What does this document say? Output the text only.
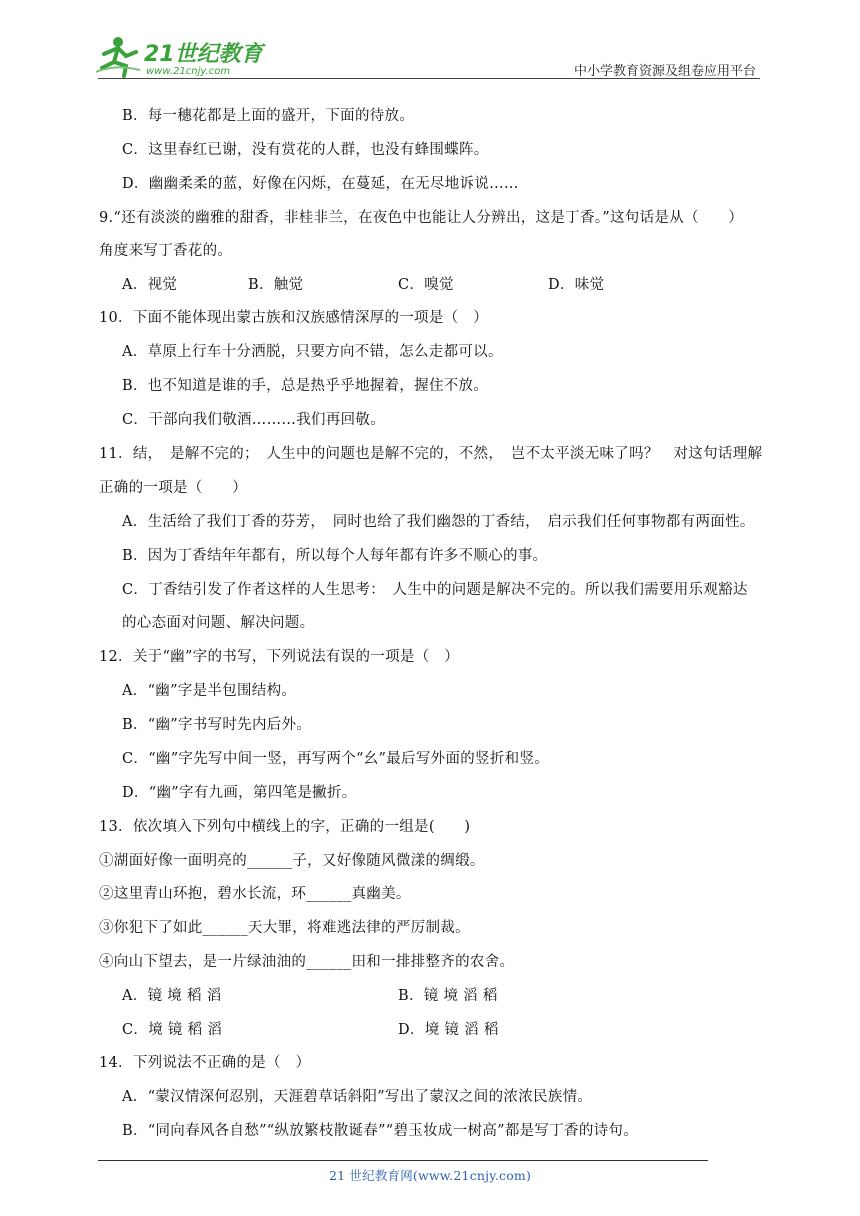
21世纪教育
www.21cnjy.com	中小学教育资源及组卷应用平台
B．每一穗花都是上面的盛开，下面的待放。
C．这里春红已谢，没有赏花的人群，也没有蜂围蝶阵。
D．幽幽柔柔的蓝，好像在闪烁，在蔓延，在无尽地诉说……
9.“还有淡淡的幽雅的甜香，非桂非兰，在夜色中也能让人分辨出，这是丁香。”这句话是从（　　）
角度来写丁香花的。
A．视觉	B．触觉	C．嗅觉	D．味觉
10．下面不能体现出蒙古族和汉族感情深厚的一项是（　）
A．草原上行车十分洒脱，只要方向不错，怎么走都可以。
B．也不知道是谁的手，总是热乎乎地握着，握住不放。
C．干部向我们敬酒………我们再回敬。
11．结，　是解不完的；　人生中的问题也是解不完的，不然，　岂不太平淡无味了吗？　对这句话理解
正确的一项是（　　）
A．生活给了我们丁香的芬芳，　同时也给了我们幽怨的丁香结，　启示我们任何事物都有两面性。
B．因为丁香结年年都有，所以每个人每年都有许多不顺心的事。
C．丁香结引发了作者这样的人生思考：　人生中的问题是解决不完的。所以我们需要用乐观豁达
的心态面对问题、解决问题。
12．关于“幽”字的书写，下列说法有误的一项是（　）
A．“幽”字是半包围结构。
B．“幽”字书写时先内后外。
C．“幽”字先写中间一竖，再写两个“幺”最后写外面的竖折和竖。
D．“幽”字有九画，第四笔是撇折。
13．依次填入下列句中横线上的字，正确的一组是(　　)
①湖面好像一面明亮的______子，又好像随风微漾的绸缎。
②这里青山环抱，碧水长流，环______真幽美。
③你犯下了如此______天大罪，将难逃法律的严厉制裁。
④向山下望去，是一片绿油油的______田和一排排整齐的农舍。
A．镜 境 稻 滔	B．镜 境 滔 稻
C．境 镜 稻 滔	D．境 镜 滔 稻
14．下列说法不正确的是（　）
A．“蒙汉情深何忍别，天涯碧草话斜阳”写出了蒙汉之间的浓浓民族情。
B．“同向春风各自愁”“纵放繁枝散诞春”“碧玉妆成一树高”都是写丁香的诗句。
21 世纪教育网(www.21cnjy.com)
